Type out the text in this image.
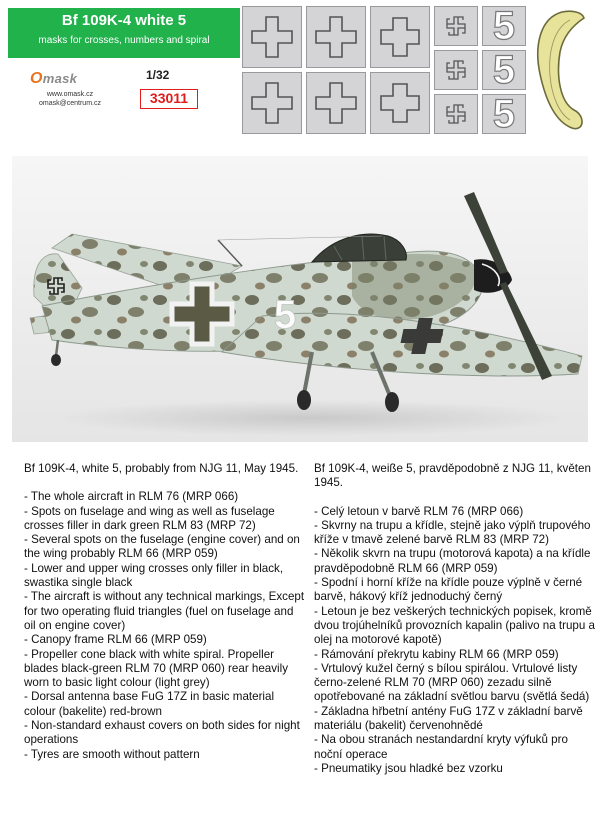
Bf 109K-4 white 5
masks for crosses, numbers and spiral
Omask	1/32
www.omask.cz
omask@centrum.cz	33011
5
5
5
5

Bf 109K-4, white 5, probably from NJG 11, May 1945.

- The whole aircraft in RLM 76 (MRP 066)
- Spots on fuselage and wing as well as fuselage crosses filler in dark green RLM 83 (MRP 72)
- Several spots on the fuselage (engine cover) and on the wing probably RLM 66 (MRP 059)
- Lower and upper wing crosses only filler in black, swastika single black
- The aircraft is without any technical markings, Except for two operating fluid triangles (fuel on fuselage and oil on engine cover)
- Canopy frame RLM 66 (MRP 059)
- Propeller cone black with white spiral. Propeller blades black-green RLM 70 (MRP 060) rear heavily worn to basic light colour (light grey)
- Dorsal antenna base FuG 17Z in basic material colour (bakelite) red-brown
- Non-standard exhaust covers on both sides for night operations
- Tyres are smooth without pattern

Bf 109K-4, weiße 5, pravděpodobně z NJG 11, květen 1945.

- Celý letoun v barvě RLM 76 (MRP 066)
- Skvrny na trupu a křídle, stejně jako výplň trupového kříže v tmavě zelené barvě RLM 83 (MRP 72)
- Několik skvrn na trupu (motorová kapota) a na křídle pravděpodobně RLM 66 (MRP 059)
- Spodní i horní kříže na křídle pouze výplně v černé barvě, hákový kříž jednoduchý černý
- Letoun je bez veškerých technických popisek, kromě dvou trojúhelníků provozních kapalin (palivo na trupu a olej na motorové kapotě)
- Rámování překrytu kabiny RLM 66 (MRP 059)
- Vrtulový kužel černý s bílou spirálou. Vrtulové listy černo-zelené RLM 70 (MRP 060) zezadu silně opotřebované na základní světlou barvu (světlá šedá)
- Základna hřbetní antény FuG 17Z v základní barvě materiálu (bakelit) červenohnědé
- Na obou stranách nestandardní kryty výfuků pro noční operace
- Pneumatiky jsou hladké bez vzorku
